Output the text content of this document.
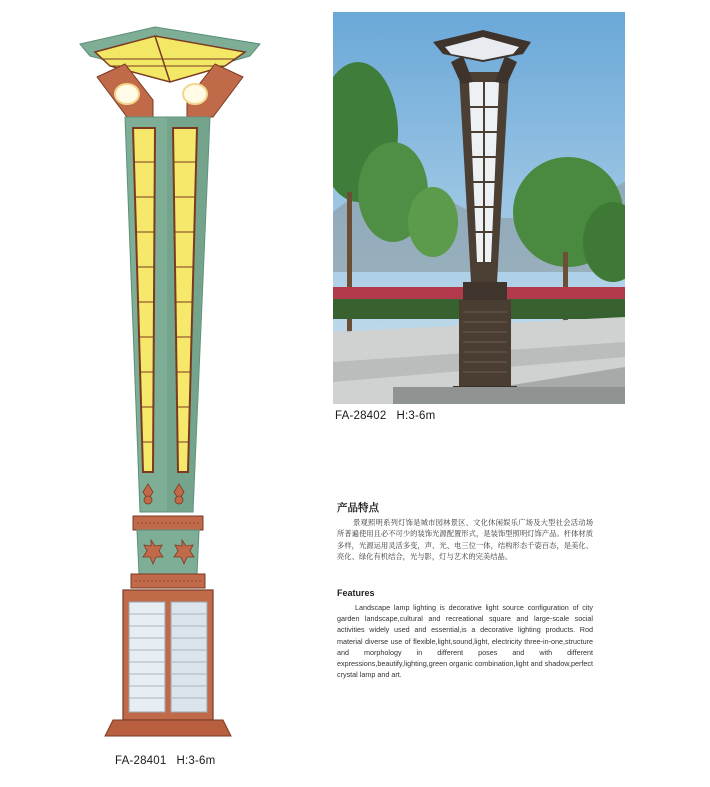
FA-28402 H:3-6m
FA-28401 H:3-6m
产品特点
景观照明系列灯饰是城市园林景区、文化休闲娱乐广场及大型社会活动场所普遍使用且必不可少的装饰光源配置形式，是装饰型照明灯饰产品。杆体材质多样，光源运用灵活多变，声、光、电三位一体，结构形态千姿百态，是美化、亮化、绿化有机结合，光与影，灯与艺术的完美结晶。
Features
Landscape lamp lighting is decorative light source configuration of city garden landscape,cultural and recreational square and large-scale social activities widely used and essential,is a decorative lighting products. Rod material diverse use of flexible,light,sound,light, electricity three-in-one,structure and morphology in different poses and with different expressions,beautify,lighting,green organic combination,light and shadow,perfect crystal lamp and art.
